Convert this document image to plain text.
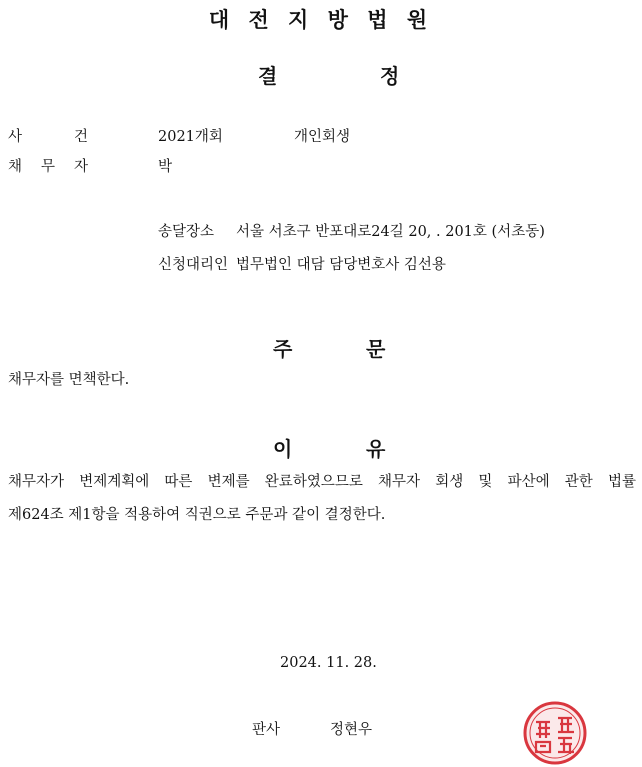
대 전 지 방 법 원
결	정
사 건	2021개회	개인회생
채 무 자	박
송달장소 서울 서초구 반포대로24길 20, . 201호 (서초동)
신청대리인 법무법인 대담 담당변호사 김선용
주	문
채무자를 면책한다.
이	유
채무자가 변제계획에 따른 변제를 완료하였으므로 채무자 회생 및 파산에 관한 법률
제624조 제1항을 적용하여 직권으로 주문과 같이 결정한다.
2024. 11. 28.
판사	정현우
